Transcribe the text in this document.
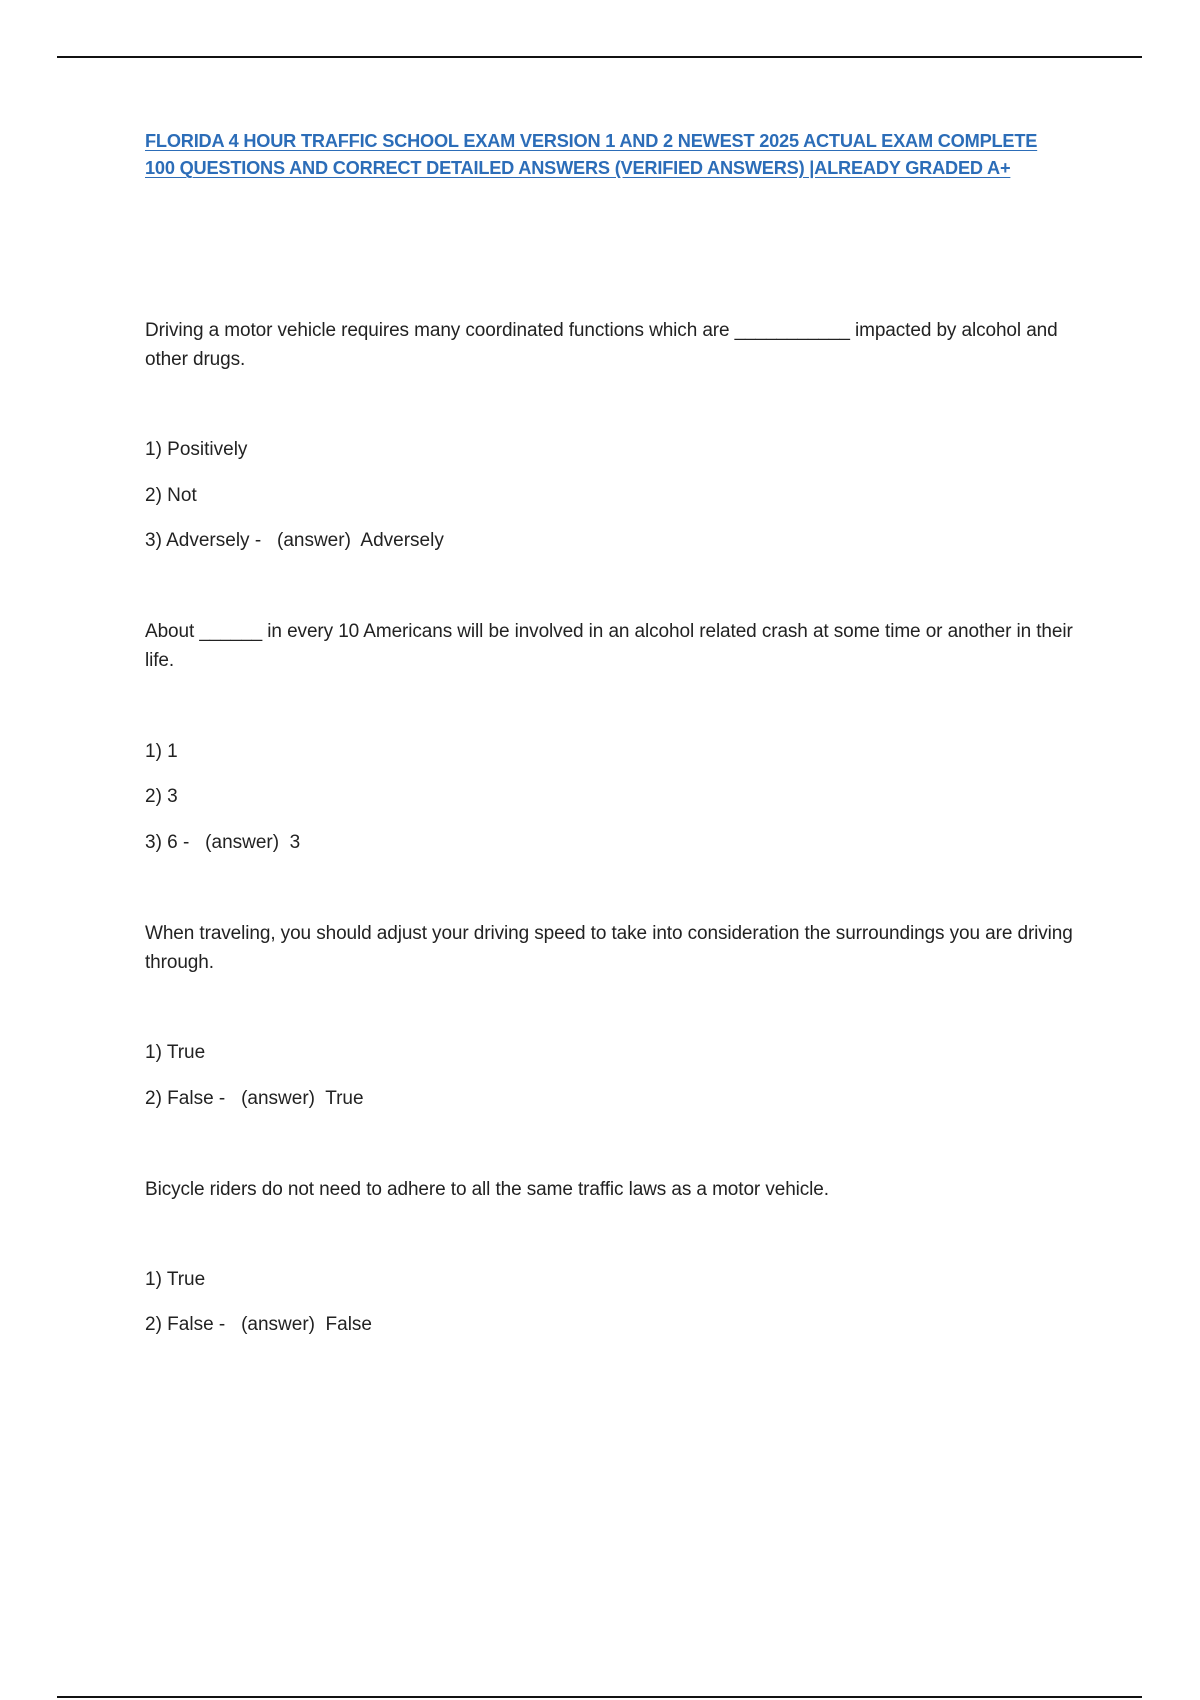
FLORIDA 4 HOUR TRAFFIC SCHOOL EXAM VERSION 1 AND 2 NEWEST 2025 ACTUAL EXAM COMPLETE
100 QUESTIONS AND CORRECT DETAILED ANSWERS (VERIFIED ANSWERS) |ALREADY GRADED A+
Driving a motor vehicle requires many coordinated functions which are ___________ impacted by alcohol and other drugs.
1) Positively
2) Not
3) Adversely -   (answer)  Adversely
About ______ in every 10 Americans will be involved in an alcohol related crash at some time or another in their life.
1) 1
2) 3
3) 6 -   (answer)  3
When traveling, you should adjust your driving speed to take into consideration the surroundings you are driving through.
1) True
2) False -   (answer)  True
Bicycle riders do not need to adhere to all the same traffic laws as a motor vehicle.
1) True
2) False -   (answer)  False
